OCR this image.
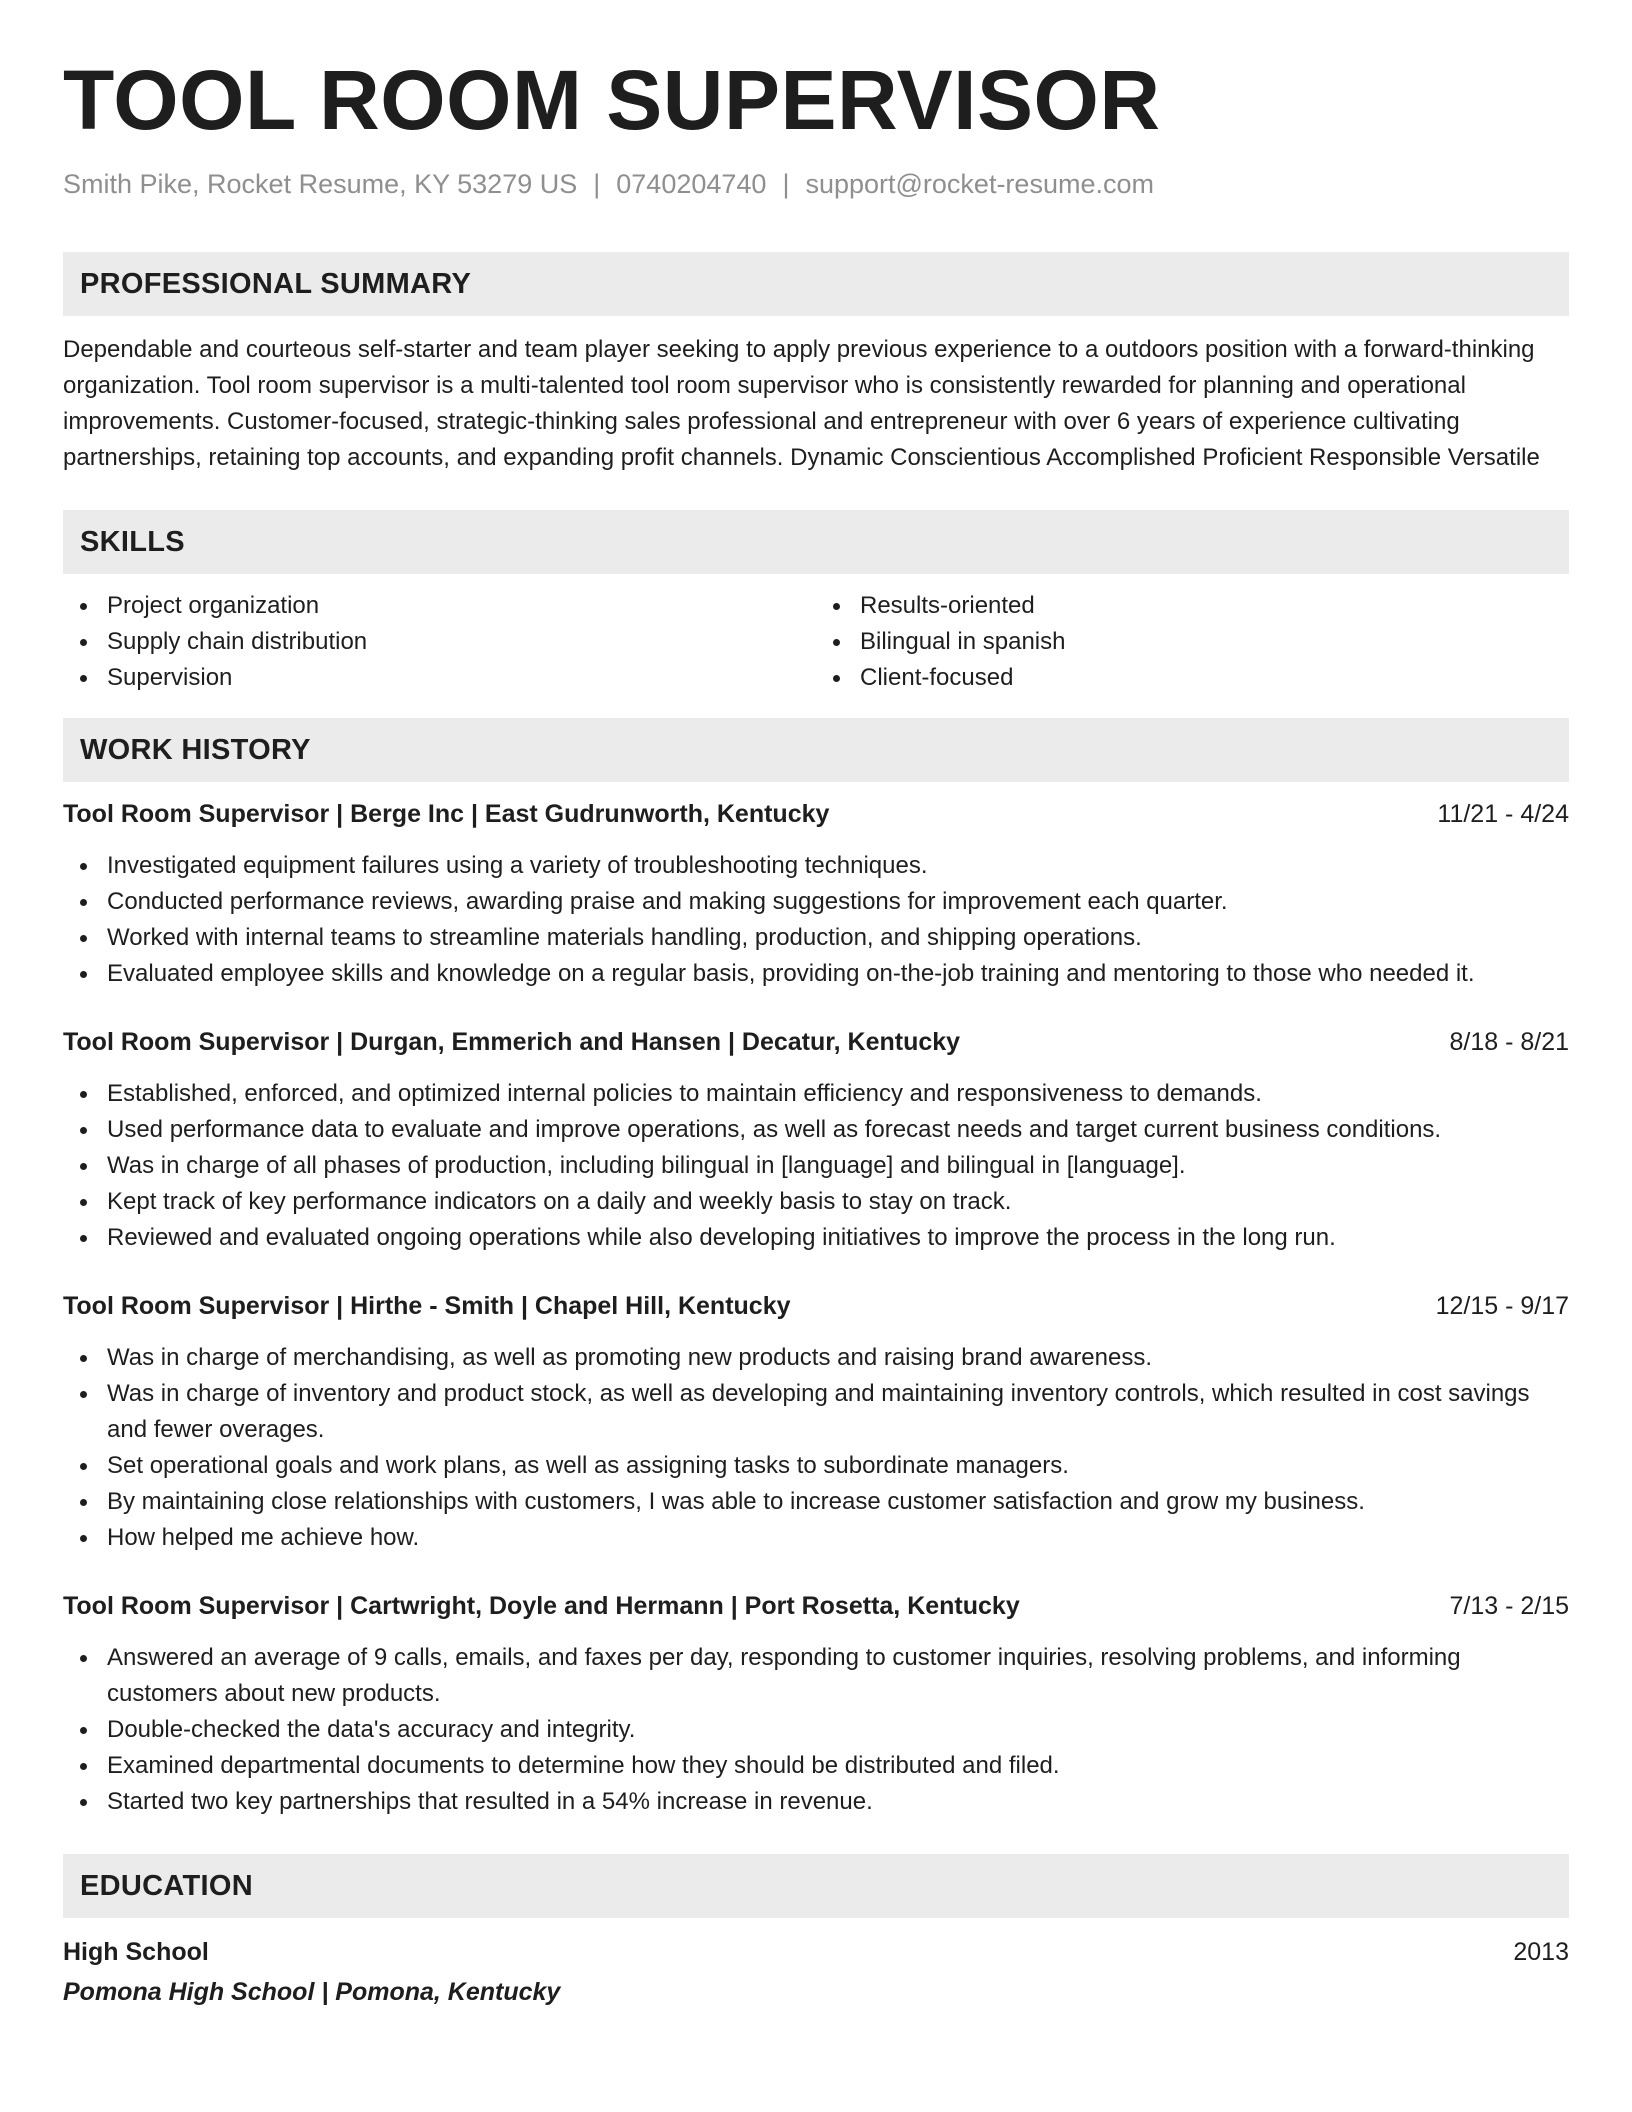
TOOL ROOM SUPERVISOR
Smith Pike, Rocket Resume, KY 53279 US | 0740204740 | support@rocket-resume.com
PROFESSIONAL SUMMARY

Dependable and courteous self-starter and team player seeking to apply previous experience to a outdoors position with a forward-thinking organization. Tool room supervisor is a multi-talented tool room supervisor who is consistently rewarded for planning and operational improvements. Customer-focused, strategic-thinking sales professional and entrepreneur with over 6 years of experience cultivating partnerships, retaining top accounts, and expanding profit channels. Dynamic Conscientious Accomplished Proficient Responsible Versatile

SKILLS
Project organization
Supply chain distribution
Supervision
Results-oriented
Bilingual in spanish
Client-focused
WORK HISTORY
Tool Room Supervisor | Berge Inc | East Gudrunworth, Kentucky	11/21 - 4/24
Investigated equipment failures using a variety of troubleshooting techniques.
Conducted performance reviews, awarding praise and making suggestions for improvement each quarter.
Worked with internal teams to streamline materials handling, production, and shipping operations.
Evaluated employee skills and knowledge on a regular basis, providing on-the-job training and mentoring to those who needed it.
Tool Room Supervisor | Durgan, Emmerich and Hansen | Decatur, Kentucky	8/18 - 8/21
Established, enforced, and optimized internal policies to maintain efficiency and responsiveness to demands.
Used performance data to evaluate and improve operations, as well as forecast needs and target current business conditions.
Was in charge of all phases of production, including bilingual in [language] and bilingual in [language].
Kept track of key performance indicators on a daily and weekly basis to stay on track.
Reviewed and evaluated ongoing operations while also developing initiatives to improve the process in the long run.
Tool Room Supervisor | Hirthe - Smith | Chapel Hill, Kentucky	12/15 - 9/17
Was in charge of merchandising, as well as promoting new products and raising brand awareness.
Was in charge of inventory and product stock, as well as developing and maintaining inventory controls, which resulted in cost savings and fewer overages.
Set operational goals and work plans, as well as assigning tasks to subordinate managers.
By maintaining close relationships with customers, I was able to increase customer satisfaction and grow my business.
How helped me achieve how.
Tool Room Supervisor | Cartwright, Doyle and Hermann | Port Rosetta, Kentucky	7/13 - 2/15
Answered an average of 9 calls, emails, and faxes per day, responding to customer inquiries, resolving problems, and informing customers about new products.
Double-checked the data's accuracy and integrity.
Examined departmental documents to determine how they should be distributed and filed.
Started two key partnerships that resulted in a 54% increase in revenue.
EDUCATION
High School	2013
Pomona High School | Pomona, Kentucky
